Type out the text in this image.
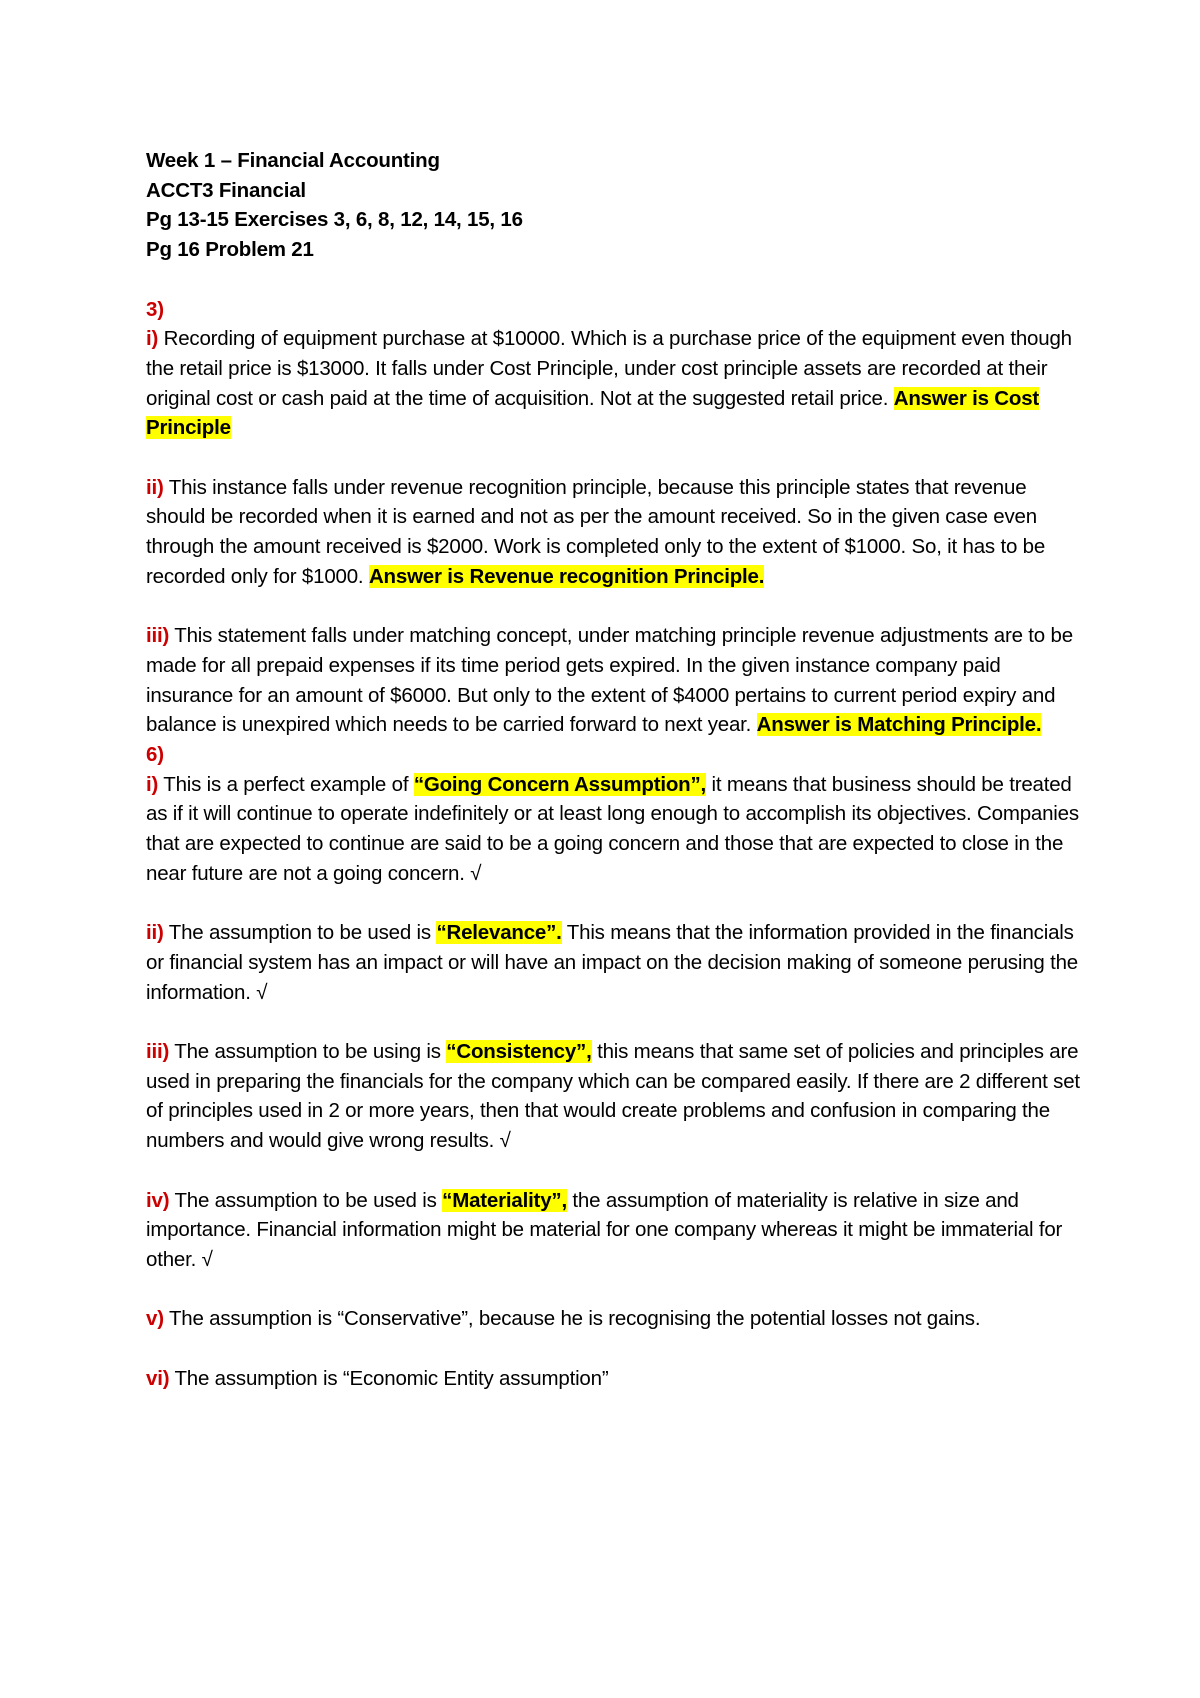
Week 1 – Financial Accounting

ACCT3 Financial

Pg 13-15 Exercises 3, 6, 8, 12, 14, 15, 16

Pg 16 Problem 21

3)

i) Recording of equipment purchase at $10000. Which is a purchase price of the equipment even though the retail price is $13000. It falls under Cost Principle, under cost principle assets are recorded at their original cost or cash paid at the time of acquisition. Not at the suggested retail price. Answer is Cost Principle

ii) This instance falls under revenue recognition principle, because this principle states that revenue should be recorded when it is earned and not as per the amount received. So in the given case even through the amount received is $2000. Work is completed only to the extent of $1000. So, it has to be recorded only for $1000. Answer is Revenue recognition Principle.

iii) This statement falls under matching concept, under matching principle revenue adjustments are to be made for all prepaid expenses if its time period gets expired. In the given instance company paid insurance for an amount of $6000. But only to the extent of $4000 pertains to current period expiry and balance is unexpired which needs to be carried forward to next year. Answer is Matching Principle.

6)

i) This is a perfect example of “Going Concern Assumption”, it means that business should be treated as if it will continue to operate indefinitely or at least long enough to accomplish its objectives. Companies that are expected to continue are said to be a going concern and those that are expected to close in the near future are not a going concern. √

ii) The assumption to be used is “Relevance”. This means that the information provided in the financials or financial system has an impact or will have an impact on the decision making of someone perusing the information. √

iii) The assumption to be using is “Consistency”, this means that same set of policies and principles are used in preparing the financials for the company which can be compared easily. If there are 2 different set of principles used in 2 or more years, then that would create problems and confusion in comparing the numbers and would give wrong results. √

iv) The assumption to be used is “Materiality”, the assumption of materiality is relative in size and importance. Financial information might be material for one company whereas it might be immaterial for other. √

v) The assumption is “Conservative”, because he is recognising the potential losses not gains.

vi) The assumption is “Economic Entity assumption”
